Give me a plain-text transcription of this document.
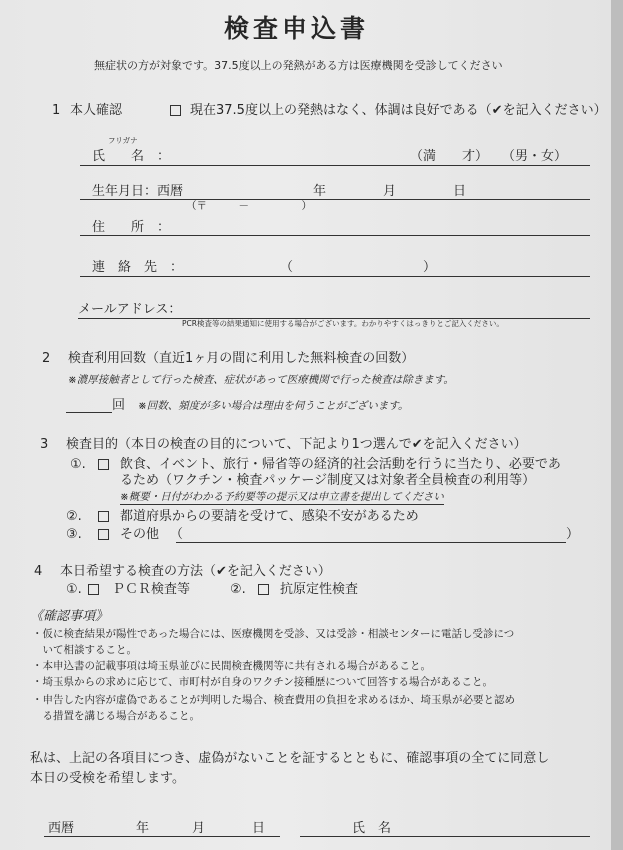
検査申込書
無症状の方が対象です。37.5度以上の発熱がある方は医療機関を受診してください
1 本人確認	現在37.5度以上の発熱はなく、体調は良好である（✔を記入ください）
フリガナ
氏　　名　：	（満　　才） （男・女）
生年月日：西暦	年	月	日
（〒　　　－　　　　　）
住　　所　：
連　絡　先　：	（　　　　　　　　　　）
メールアドレス：
PCR検査等の結果通知に使用する場合がございます。わかりやすくはっきりとご記入ください。
2 検査利用回数（直近1ヶ月の間に利用した無料検査の回数）
※濃厚接触者として行った検査、症状があって医療機関で行った検査は除きます。
回 ※回数、頻度が多い場合は理由を伺うことがございます。
3 検査目的（本日の検査の目的について、下記より1つ選んで✔を記入ください）
①.	飲食、イベント、旅行・帰省等の経済的社会活動を行うに当たり、必要であ
るため（ワクチン・検査パッケージ制度又は対象者全員検査の利用等）
※概要・日付がわかる予約要等の提示又は申立書を提出してください
②.	都道府県からの要請を受けて、感染不安があるため
③.	その他 （	）
4 本日希望する検査の方法（✔を記入ください）
①. ＰＣＲ検査等	②.	抗原定性検査
《確認事項》
・仮に検査結果が陽性であった場合には、医療機関を受診、又は受診・相談センターに電話し受診につ
　いて相談すること。
・本申込書の記載事項は埼玉県並びに民間検査機関等に共有される場合があること。
・埼玉県からの求めに応じて、市町村が自身のワクチン接種歴について回答する場合があること。
・申告した内容が虚偽であることが判明した場合、検査費用の負担を求めるほか、埼玉県が必要と認め
　る措置を講じる場合があること。
私は、上記の各項目につき、虚偽がないことを証するとともに、確認事項の全てに同意し
本日の受検を希望します。
西暦	年	月	日	氏　名
